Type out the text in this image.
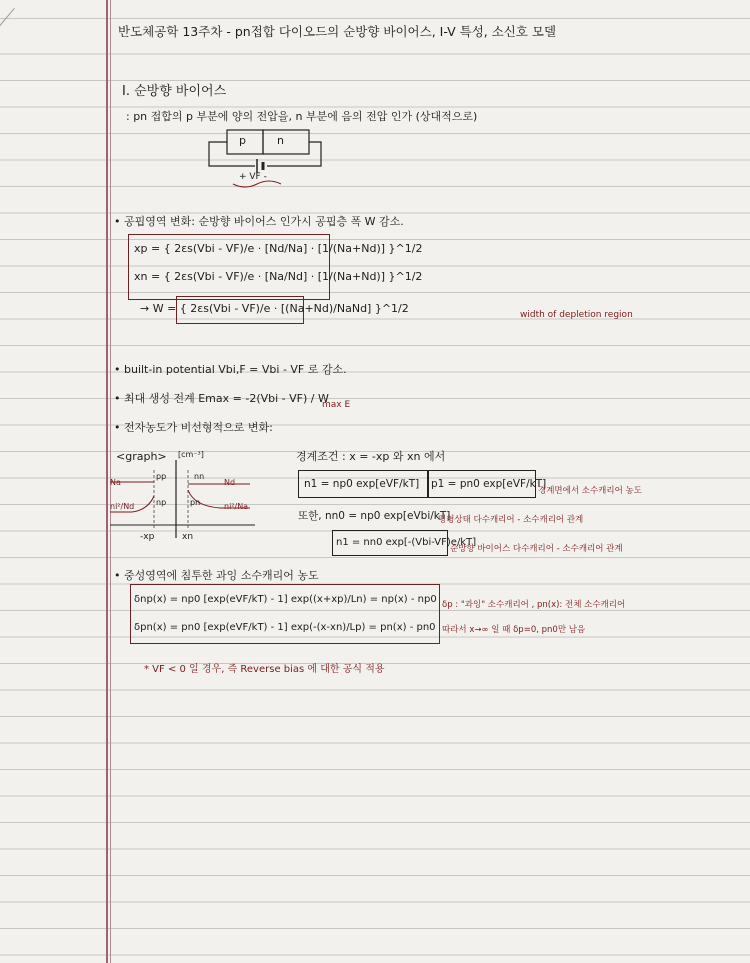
반도체공학 13주차 - pn접합 다이오드의 순방향 바이어스, I-V 특성, 소신호 모델
I. 순방향 바이어스
: pn 접합의 p 부분에 양의 전압을, n 부분에 음의 전압 인가 (상대적으로)
p	n
+ VF -
• 공핍영역 변화: 순방향 바이어스 인가시 공핍층 폭 W 감소.
xp = { 2εs(Vbi - VF)/e · [Nd/Na] · [1/(Na+Nd)] }^1/2
xn = { 2εs(Vbi - VF)/e · [Na/Nd] · [1/(Na+Nd)] }^1/2
→ W = { 2εs(Vbi - VF)/e · [(Na+Nd)/NaNd] }^1/2	width of depletion region
• built-in potential Vbi,F = Vbi - VF 로 감소.
• 최대 생성 전계 Emax = -2(Vbi - VF) / W
max E
• 전자농도가 비선형적으로 변화:
<graph> [cm⁻³]
pp	nn
Na	Nd
ni²/Nd	ni²/Na
np	pn
-xp	xn
경계조건 : x = -xp 와 xn 에서
n1 = np0 exp[eVF/kT] p1 = pn0 exp[eVF/kT]
경계면에서 소수캐리어 농도
또한, nn0 = np0 exp[eVbi/kT]
평형상태 다수캐리어 - 소수캐리어 관계
n1 = nn0 exp[-(Vbi-VF)e/kT]
순방향 바이어스 다수캐리어 - 소수캐리어 관계
• 중성영역에 침투한 과잉 소수캐리어 농도
δnp(x) = np0 [exp(eVF/kT) - 1] exp((x+xp)/Ln) = np(x) - np0
δpn(x) = pn0 [exp(eVF/kT) - 1] exp(-(x-xn)/Lp) = pn(x) - pn0
δp : "과잉" 소수캐리어 , pn(x): 전체 소수캐리어
따라서 x→∞ 일 때 δp=0, pn0만 남음
* VF < 0 일 경우, 즉 Reverse bias 에 대한 공식 적용
